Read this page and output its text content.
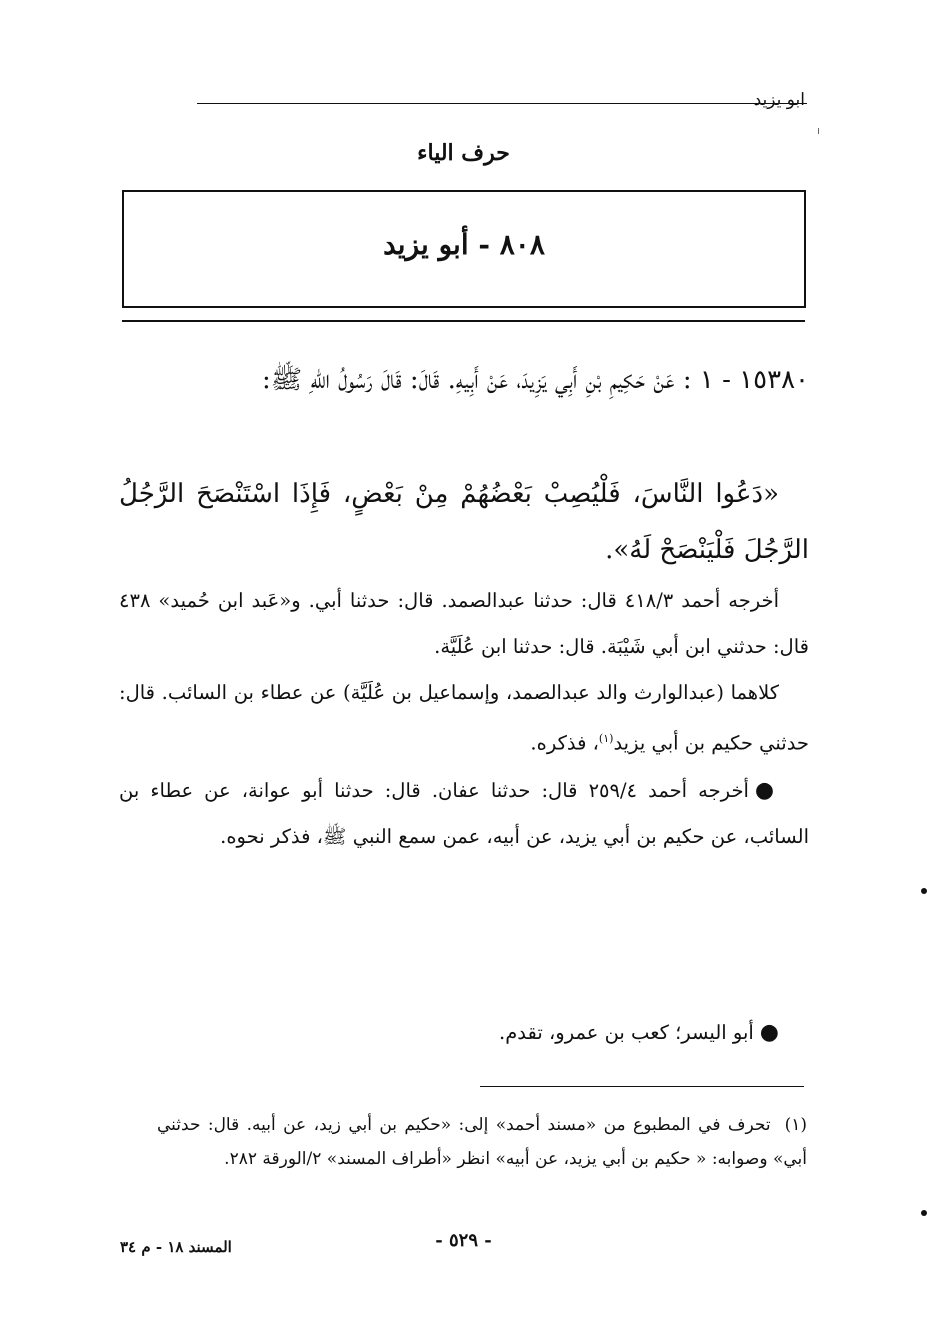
ابو يزيد
حرف الياء
٨٠٨ - أبو يزيد
١٥٣٨٠ - ١ : عَنْ حَكِيمِ بْنِ أَبِي يَزِيدَ، عَنْ أَبِيهِ. قَالَ: قَالَ رَسُولُ اللهِ ﷺ:
«دَعُوا النَّاسَ، فَلْيُصِبْ بَعْضُهُمْ مِنْ بَعْضٍ، فَإِذَا اسْتَنْصَحَ الرَّجُلُ الرَّجُلَ فَلْيَنْصَحْ لَهُ».
أخرجه أحمد ٤١٨/٣ قال: حدثنا عبدالصمد. قال: حدثنا أبي. و«عَبد ابن حُميد» ٤٣٨ قال: حدثني ابن أبي شَيْبَة. قال: حدثنا ابن عُلَيَّة.
كلاهما (عبدالوارث والد عبدالصمد، وإسماعيل بن عُلَيَّة) عن عطاء بن السائب. قال: حدثني حكيم بن أبي يزيد$^{(١)}$، فذكره.
●أخرجه أحمد ٢٥٩/٤ قال: حدثنا عفان. قال: حدثنا أبو عوانة، عن عطاء بن السائب، عن حكيم بن أبي يزيد، عن أبيه، عمن سمع النبي ﷺ، فذكر نحوه.
●أبو اليسر؛ كعب بن عمرو، تقدم.
(١)تحرف في المطبوع من «مسند أحمد» إلى: «حكيم بن أبي زيد، عن أبيه. قال: حدثني أبي» وصوابه: « حكيم بن أبي يزيد، عن أبيه» انظر «أطراف المسند» ٢/الورقة ٢٨٢.
- ٥٢٩ -
المسند ١٨ - م ٣٤
